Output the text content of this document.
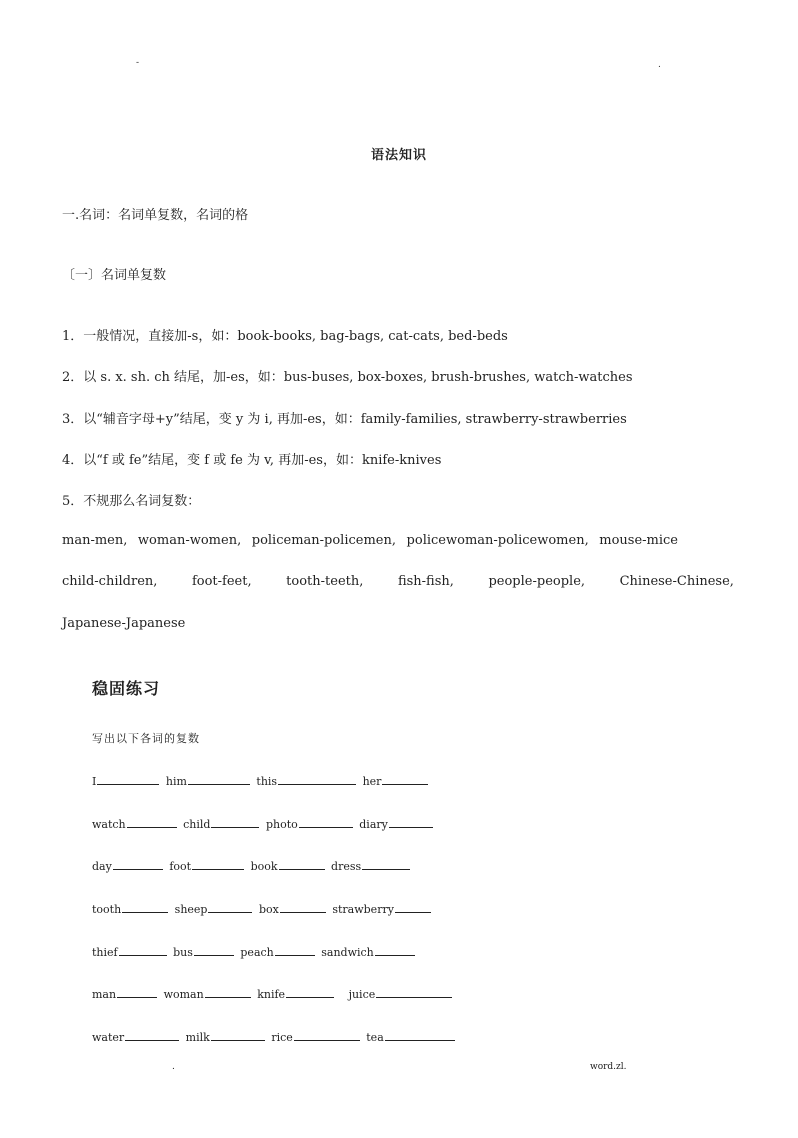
-	.
语法知识
一.名词：名词单复数，名词的格
〔一〕名词单复数
1．一般情况，直接加-s，如：book-books, bag-bags, cat-cats, bed-beds
2．以 s. x. sh. ch 结尾，加-es，如：bus-buses, box-boxes, brush-brushes, watch-watches
3．以“辅音字母+y”结尾，变 y 为 i, 再加-es，如：family-families, strawberry-strawberries
4．以“f 或 fe”结尾，变 f 或 fe 为 v, 再加-es，如：knife-knives
5．不规那么名词复数：
man-men, woman-women, policeman-policemen, policewoman-policewomen, mouse-mice
child-children,	foot-feet,	tooth-teeth,	fish-fish,	people-people,	Chinese-Chinese,
Japanese-Japanese
稳固练习
写出以下各词的复数
I	him	this	her
watch	child	photo	diary
day	foot	book	dress
tooth	sheep	box	strawberry
thief	bus	peach	sandwich
man	woman	knife	juice
water	milk	rice	tea
.	word.zl.
